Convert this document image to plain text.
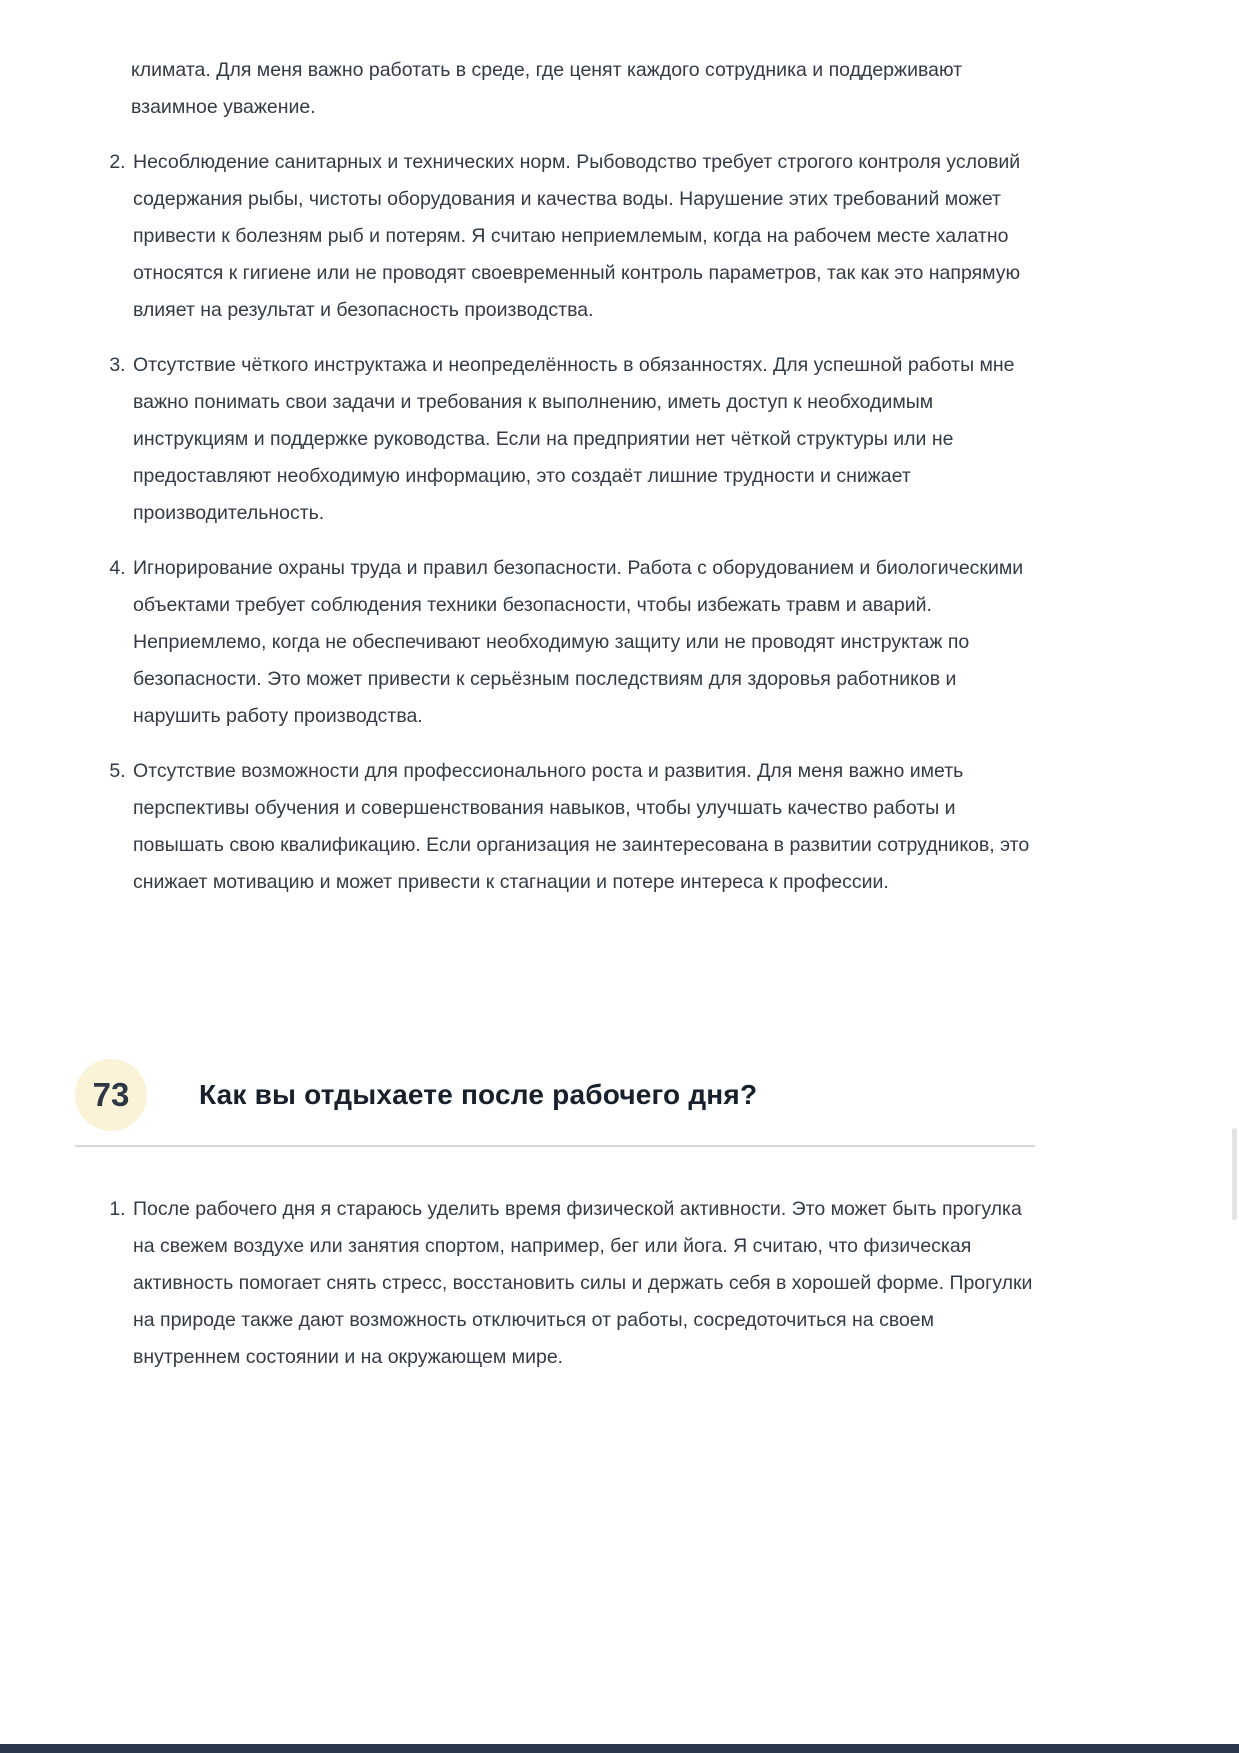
климата. Для меня важно работать в среде, где ценят каждого сотрудника и поддерживают взаимное уважение.

2. Несоблюдение санитарных и технических норм. Рыбоводство требует строгого контроля условий содержания рыбы, чистоты оборудования и качества воды. Нарушение этих требований может привести к болезням рыб и потерям. Я считаю неприемлемым, когда на рабочем месте халатно относятся к гигиене или не проводят своевременный контроль параметров, так как это напрямую влияет на результат и безопасность производства.
3. Отсутствие чёткого инструктажа и неопределённость в обязанностях. Для успешной работы мне важно понимать свои задачи и требования к выполнению, иметь доступ к необходимым инструкциям и поддержке руководства. Если на предприятии нет чёткой структуры или не предоставляют необходимую информацию, это создаёт лишние трудности и снижает производительность.
4. Игнорирование охраны труда и правил безопасности. Работа с оборудованием и биологическими объектами требует соблюдения техники безопасности, чтобы избежать травм и аварий. Неприемлемо, когда не обеспечивают необходимую защиту или не проводят инструктаж по безопасности. Это может привести к серьёзным последствиям для здоровья работников и нарушить работу производства.
5. Отсутствие возможности для профессионального роста и развития. Для меня важно иметь перспективы обучения и совершенствования навыков, чтобы улучшать качество работы и повышать свою квалификацию. Если организация не заинтересована в развитии сотрудников, это снижает мотивацию и может привести к стагнации и потере интереса к профессии.
73 Как вы отдыхаете после рабочего дня?
1. После рабочего дня я стараюсь уделить время физической активности. Это может быть прогулка на свежем воздухе или занятия спортом, например, бег или йога. Я считаю, что физическая активность помогает снять стресс, восстановить силы и держать себя в хорошей форме. Прогулки на природе также дают возможность отключиться от работы, сосредоточиться на своем внутреннем состоянии и на окружающем мире.
